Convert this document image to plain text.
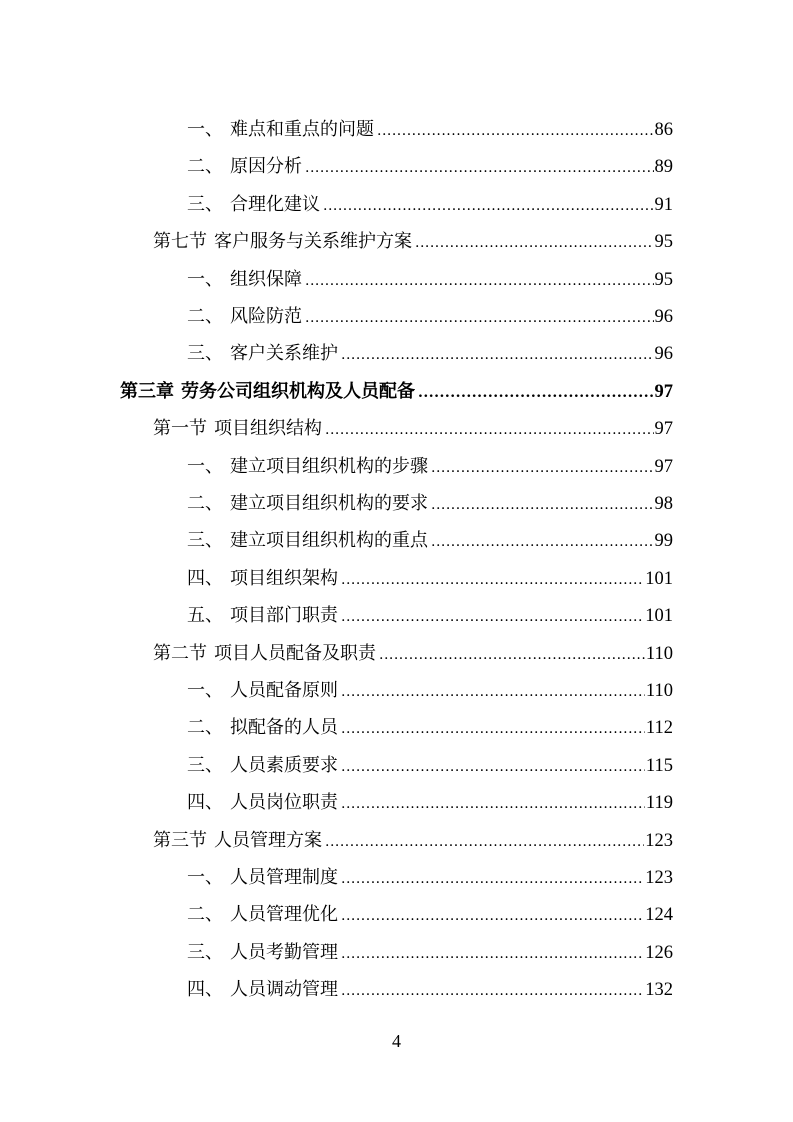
一、 难点和重点的问题 .....	86
二、 原因分析 .....	89
三、 合理化建议 .....	91
第七节 客户服务与关系维护方案 .....	95
一、 组织保障 .....	95
二、 风险防范 .....	96
三、 客户关系维护 .....	96
第三章 劳务公司组织机构及人员配备 .....	97
第一节 项目组织结构 .....	97
一、 建立项目组织机构的步骤 .....	97
二、 建立项目组织机构的要求 .....	98
三、 建立项目组织机构的重点 .....	99
四、 项目组织架构 .....	101
五、 项目部门职责 .....	101
第二节 项目人员配备及职责 .....	110
一、 人员配备原则 .....	110
二、 拟配备的人员 .....	112
三、 人员素质要求 .....	115
四、 人员岗位职责 .....	119
第三节 人员管理方案 .....	123
一、 人员管理制度 .....	123
二、 人员管理优化 .....	124
三、 人员考勤管理 .....	126
四、 人员调动管理 .....	132
4
